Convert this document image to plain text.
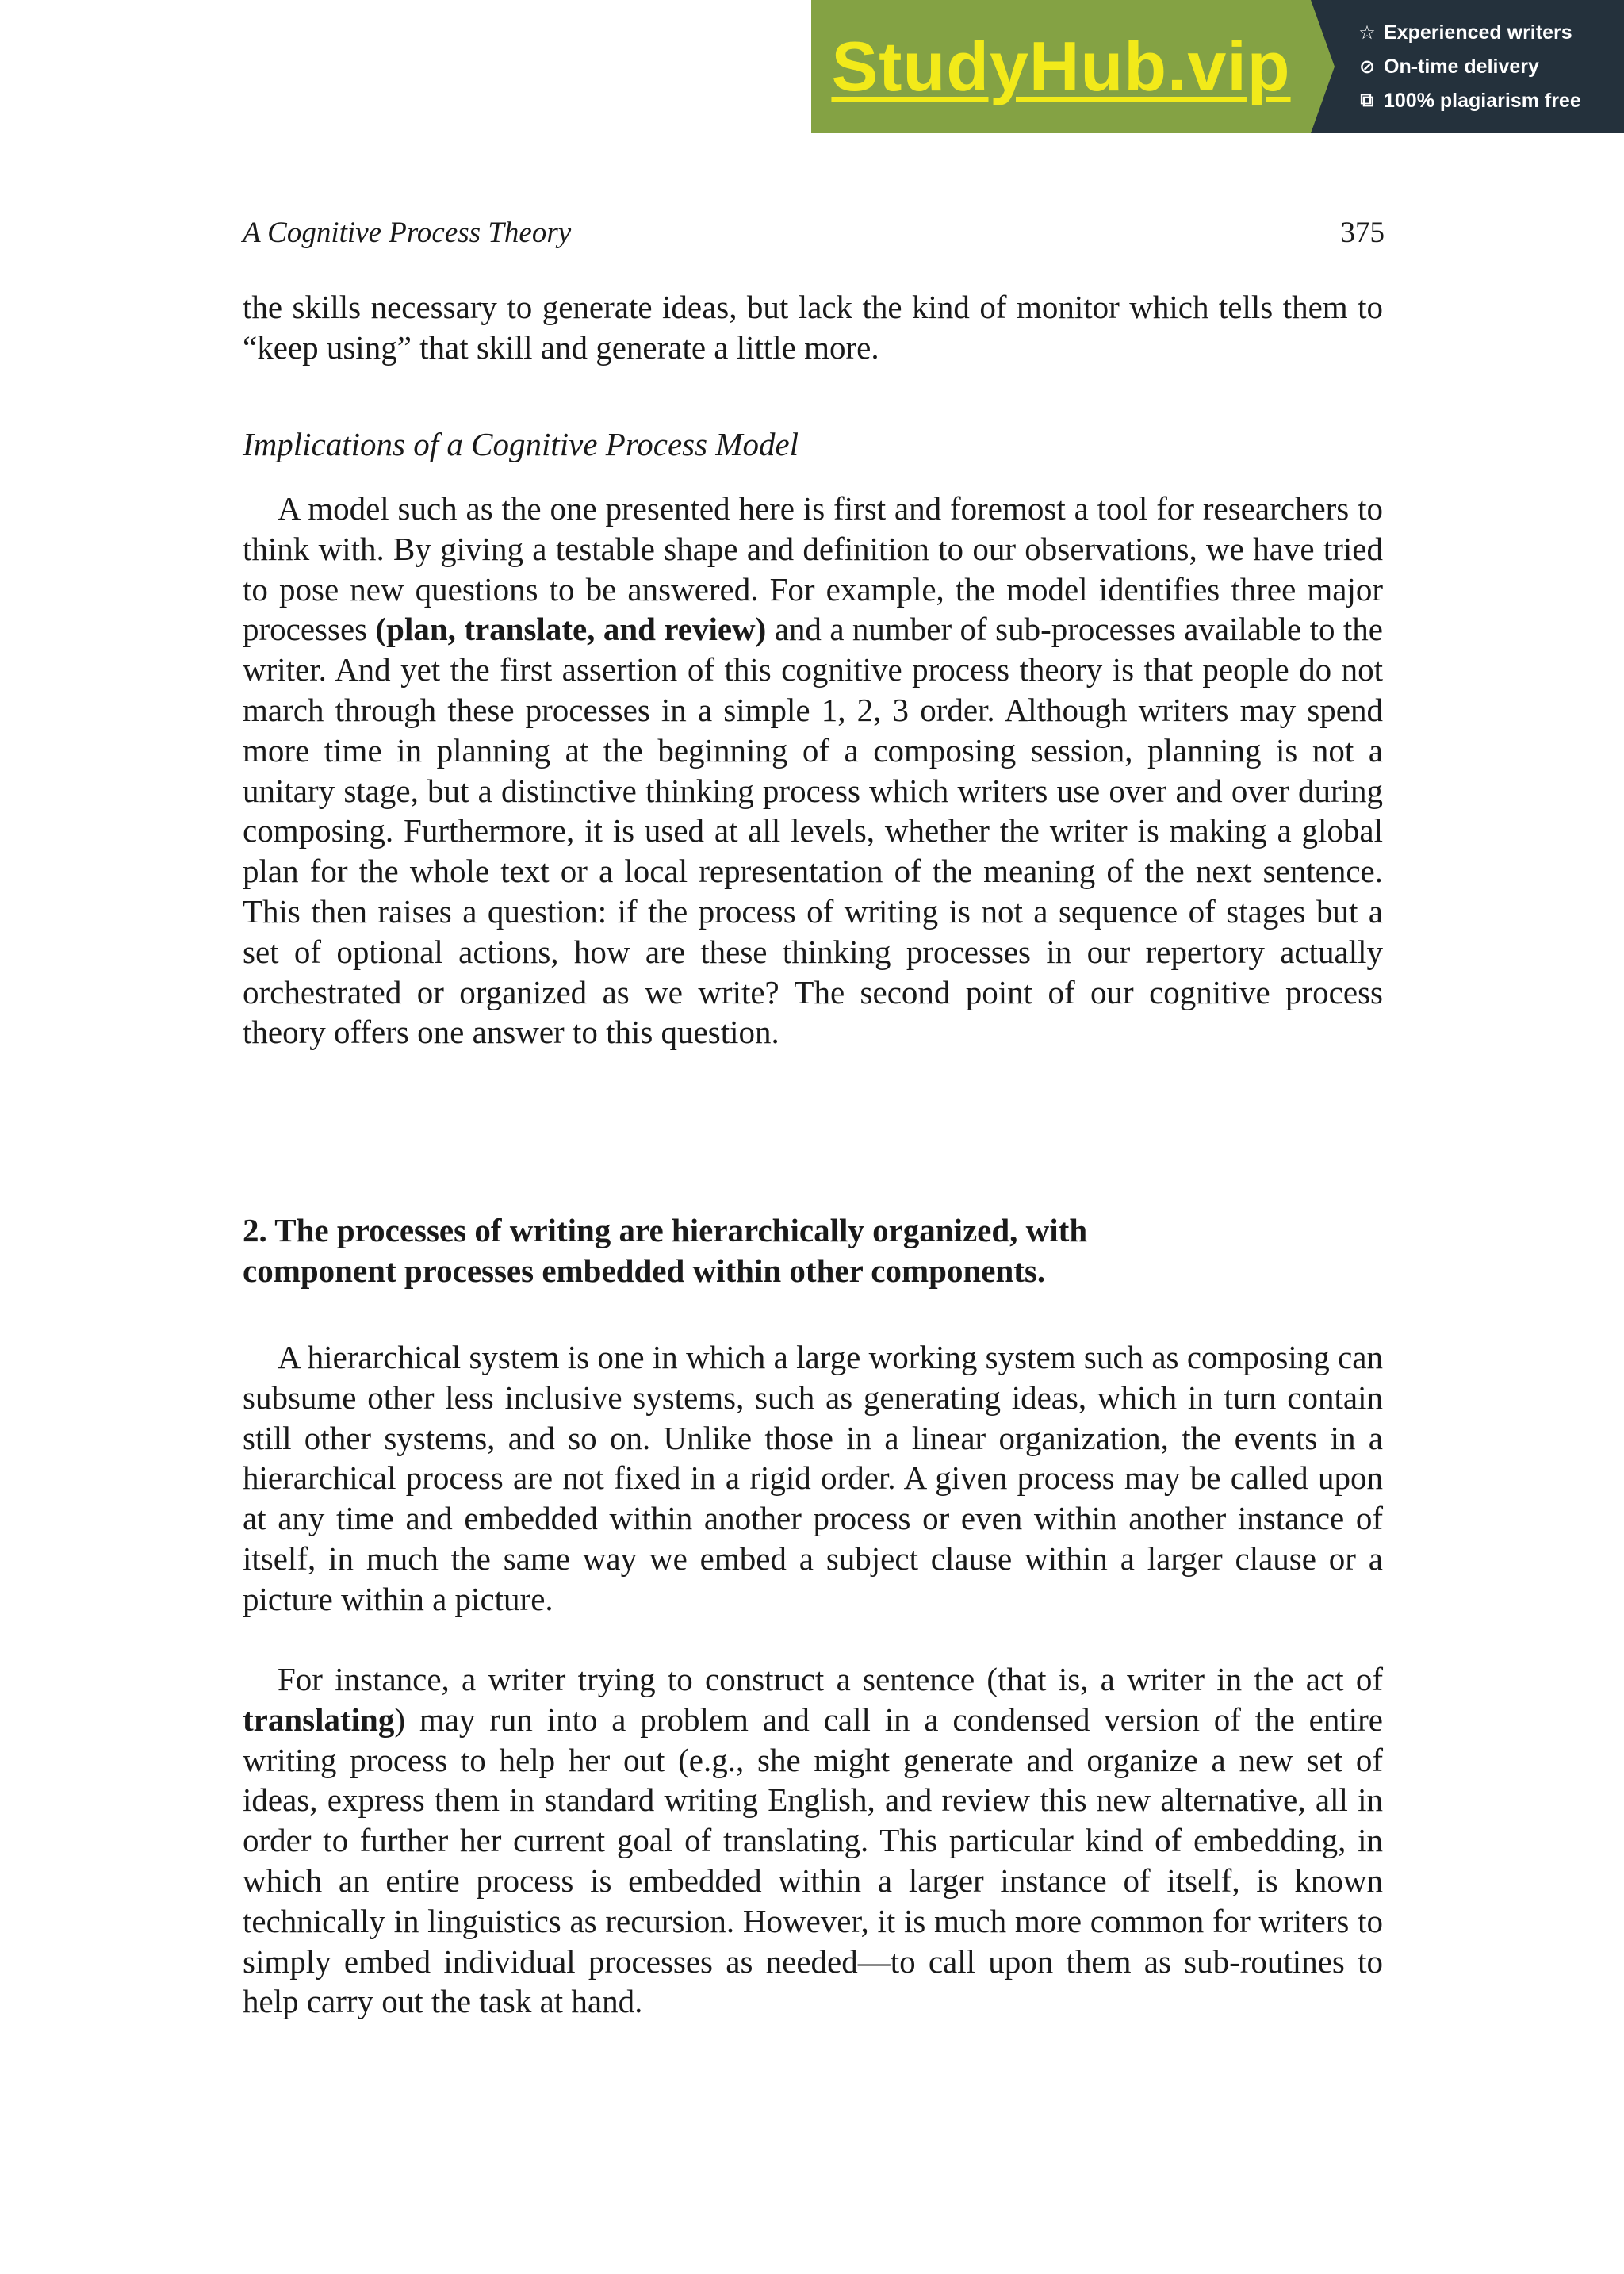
StudyHub.vip	☆ Experienced writers
⊘ On-time delivery
⧉ 100% plagiarism free
A Cognitive Process Theory	375

the skills necessary to generate ideas, but lack the kind of monitor which tells them to “keep using” that skill and generate a little more.

Implications of a Cognitive Process Model

A model such as the one presented here is first and foremost a tool for researchers to think with. By giving a testable shape and definition to our observations, we have tried to pose new questions to be answered. For example, the model identifies three major processes (plan, translate, and review) and a number of sub-processes available to the writer. And yet the first assertion of this cognitive process theory is that people do not march through these processes in a simple 1, 2, 3 order. Although writers may spend more time in planning at the beginning of a composing session, planning is not a unitary stage, but a distinctive thinking process which writers use over and over during composing. Furthermore, it is used at all levels, whether the writer is making a global plan for the whole text or a local representation of the meaning of the next sentence. This then raises a question: if the process of writing is not a sequence of stages but a set of optional actions, how are these thinking processes in our repertory actually orchestrated or organized as we write? The second point of our cognitive process theory offers one answer to this question.

2. The processes of writing are hierarchically organized, with
component processes embedded within other components.

A hierarchical system is one in which a large working system such as composing can subsume other less inclusive systems, such as generating ideas, which in turn contain still other systems, and so on. Unlike those in a linear organization, the events in a hierarchical process are not fixed in a rigid order. A given process may be called upon at any time and embedded within another process or even within another instance of itself, in much the same way we embed a subject clause within a larger clause or a picture within a picture.

For instance, a writer trying to construct a sentence (that is, a writer in the act of translating) may run into a problem and call in a condensed version of the entire writing process to help her out (e.g., she might generate and organize a new set of ideas, express them in standard writing English, and review this new alternative, all in order to further her current goal of translating. This particular kind of embedding, in which an entire process is embedded within a larger instance of itself, is known technically in linguistics as recursion. However, it is much more common for writers to simply embed individual processes as needed—to call upon them as sub-routines to help carry out the task at hand.
